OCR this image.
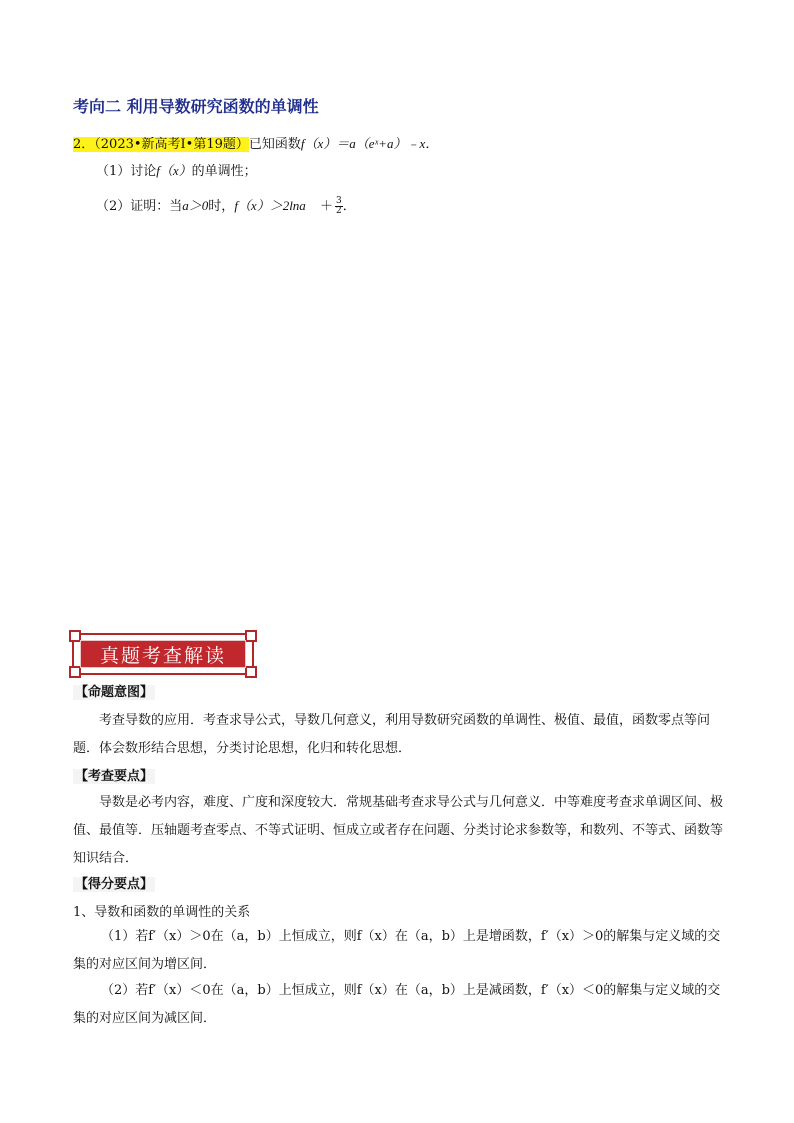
考向二 利用导数研究函数的单调性
2．（2023•新高考Ⅰ•第19题）已知函数f（x）＝a（eˣ+a）﹣x．
（1）讨论f（x）的单调性；
（2）证明：当a＞0时，$f(x)>2\ln a + \frac{3}{2}$ ．
真题考查解读
【命题意图】
考查导数的应用．考查求导公式，导数几何意义，利用导数研究函数的单调性、极值、最值，函数零点等问题．体会数形结合思想，分类讨论思想，化归和转化思想．
【考查要点】
导数是必考内容，难度、广度和深度较大．常规基础考查求导公式与几何意义．中等难度考查求单调区间、极值、最值等．压轴题考查零点、不等式证明、恒成立或者存在问题、分类讨论求参数等，和数列、不等式、函数等知识结合．
【得分要点】
1、导数和函数的单调性的关系
（1）若f′（x）＞0在（a，b）上恒成立，则f（x）在（a，b）上是增函数，f′（x）＞0的解集与定义域的交集的对应区间为增区间．
（2）若f′（x）＜0在（a，b）上恒成立，则f（x）在（a，b）上是减函数，f′（x）＜0的解集与定义域的交集的对应区间为减区间．
